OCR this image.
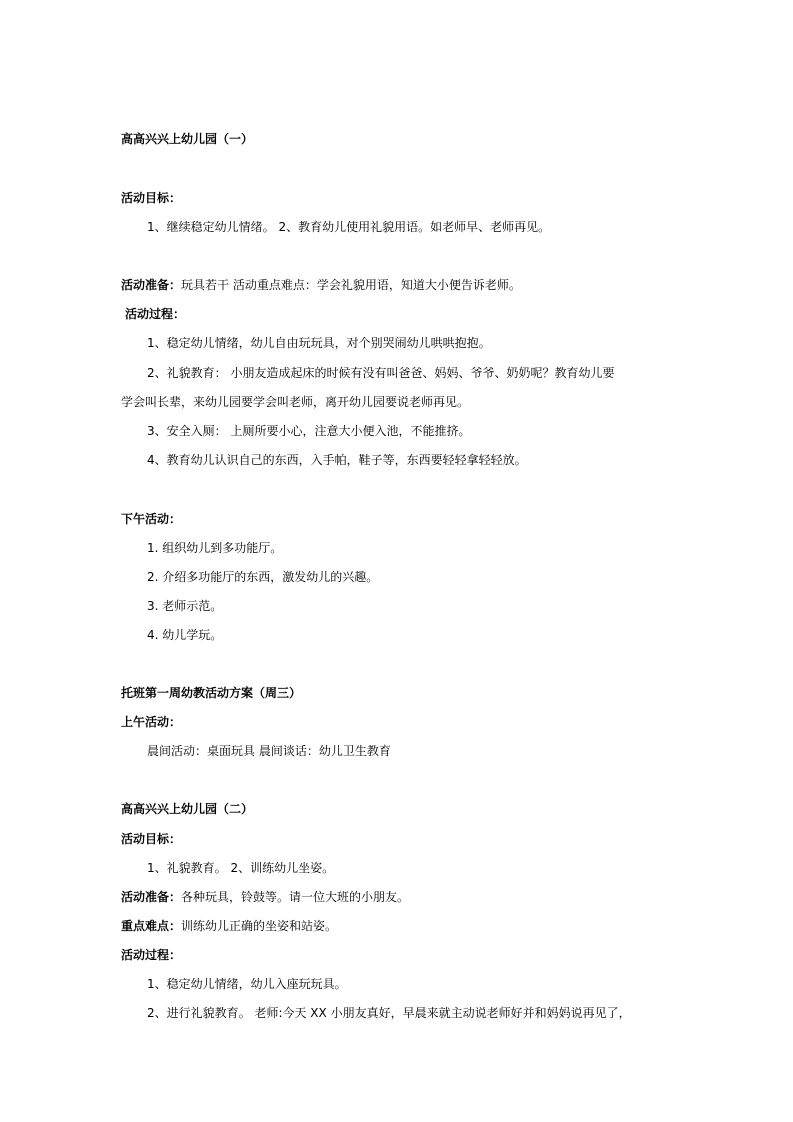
高高兴兴上幼儿园（一）
活动目标：
1、继续稳定幼儿情绪。 2、教育幼儿使用礼貌用语。如老师早、老师再见。
活动准备：玩具若干 活动重点难点：学会礼貌用语，知道大小便告诉老师。
活动过程：
1、稳定幼儿情绪，幼儿自由玩玩具，对个别哭闹幼儿哄哄抱抱。
2、礼貌教育： 小朋友造成起床的时候有没有叫爸爸、妈妈、爷爷、奶奶呢？教育幼儿要
学会叫长辈，来幼儿园要学会叫老师，离开幼儿园要说老师再见。
3、安全入厕： 上厕所要小心，注意大小便入池，不能推挤。
4、教育幼儿认识自己的东西，入手帕，鞋子等，东西要轻轻拿轻轻放。
下午活动：
1. 组织幼儿到多功能厅。
2. 介绍多功能厅的东西，激发幼儿的兴趣。
3. 老师示范。
4. 幼儿学玩。
托班第一周幼教活动方案（周三）
上午活动：
晨间活动：桌面玩具 晨间谈话：幼儿卫生教育
高高兴兴上幼儿园（二）
活动目标：
1、礼貌教育。 2、训练幼儿坐姿。
活动准备：各种玩具，铃鼓等。请一位大班的小朋友。
重点难点：训练幼儿正确的坐姿和站姿。
活动过程：
1、稳定幼儿情绪，幼儿入座玩玩具。
2、进行礼貌教育。 老师:今天 XX 小朋友真好，早晨来就主动说老师好并和妈妈说再见了，
